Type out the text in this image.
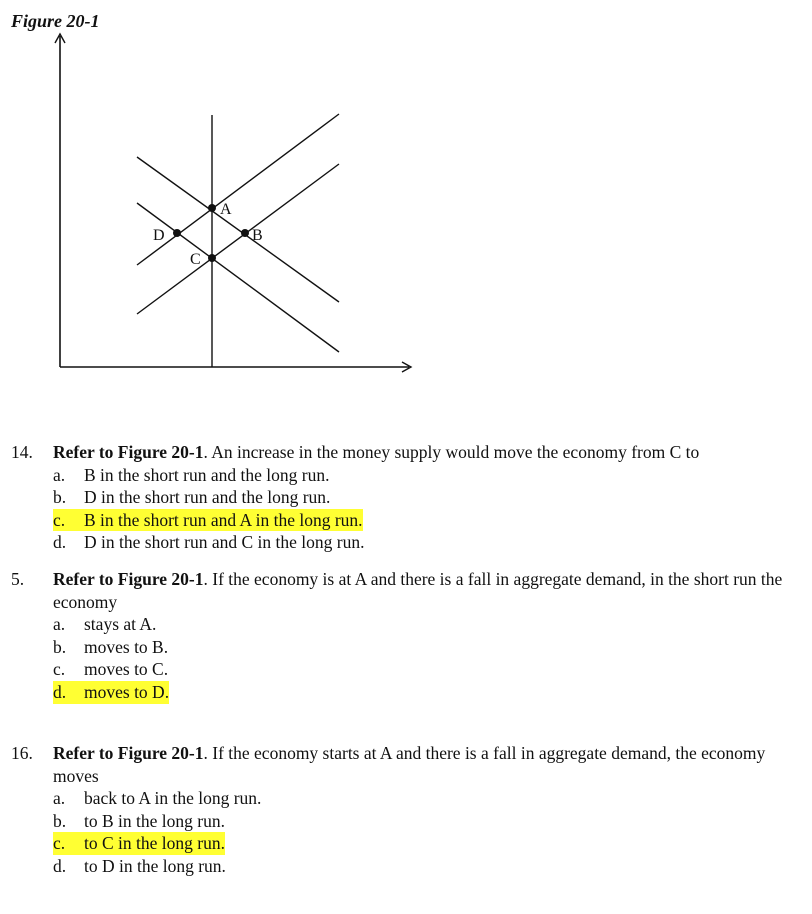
Figure 20-1
A
B
C
D
14.	Refer to Figure 20-1. An increase in the money supply would move the economy from C to
a. B in the short run and the long run.
b. D in the short run and the long run.
c. B in the short run and A in the long run.
d. D in the short run and C in the long run.
5.	Refer to Figure 20-1. If the economy is at A and there is a fall in aggregate demand, in the short run the economy
a. stays at A.
b. moves to B.
c. moves to C.
d. moves to D.
16.	Refer to Figure 20-1. If the economy starts at A and there is a fall in aggregate demand, the economy moves
a. back to A in the long run.
b. to B in the long run.
c. to C in the long run.
d. to D in the long run.
